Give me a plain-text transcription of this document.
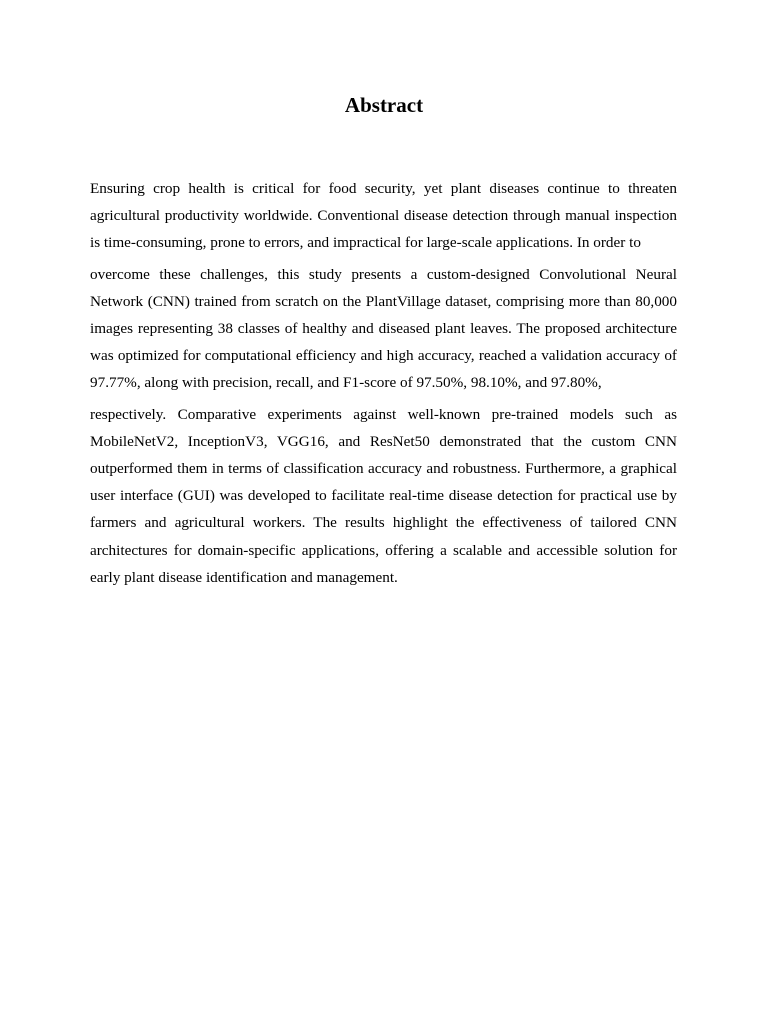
Abstract
Ensuring crop health is critical for food security, yet plant diseases continue to threaten agricultural productivity worldwide. Conventional disease detection through manual inspection is time-consuming, prone to errors, and impractical for large-scale applications. In order to
overcome these challenges, this study presents a custom-designed Convolutional Neural Network (CNN) trained from scratch on the PlantVillage dataset, comprising more than 80,000 images representing 38 classes of healthy and diseased plant leaves. The proposed architecture was optimized for computational efficiency and high accuracy, reached a validation accuracy of 97.77%, along with precision, recall, and F1-score of 97.50%, 98.10%, and 97.80%,
respectively. Comparative experiments against well-known pre-trained models such as MobileNetV2, InceptionV3, VGG16, and ResNet50 demonstrated that the custom CNN outperformed them in terms of classification accuracy and robustness. Furthermore, a graphical user interface (GUI) was developed to facilitate real-time disease detection for practical use by farmers and agricultural workers. The results highlight the effectiveness of tailored CNN architectures for domain-specific applications, offering a scalable and accessible solution for early plant disease identification and management.
